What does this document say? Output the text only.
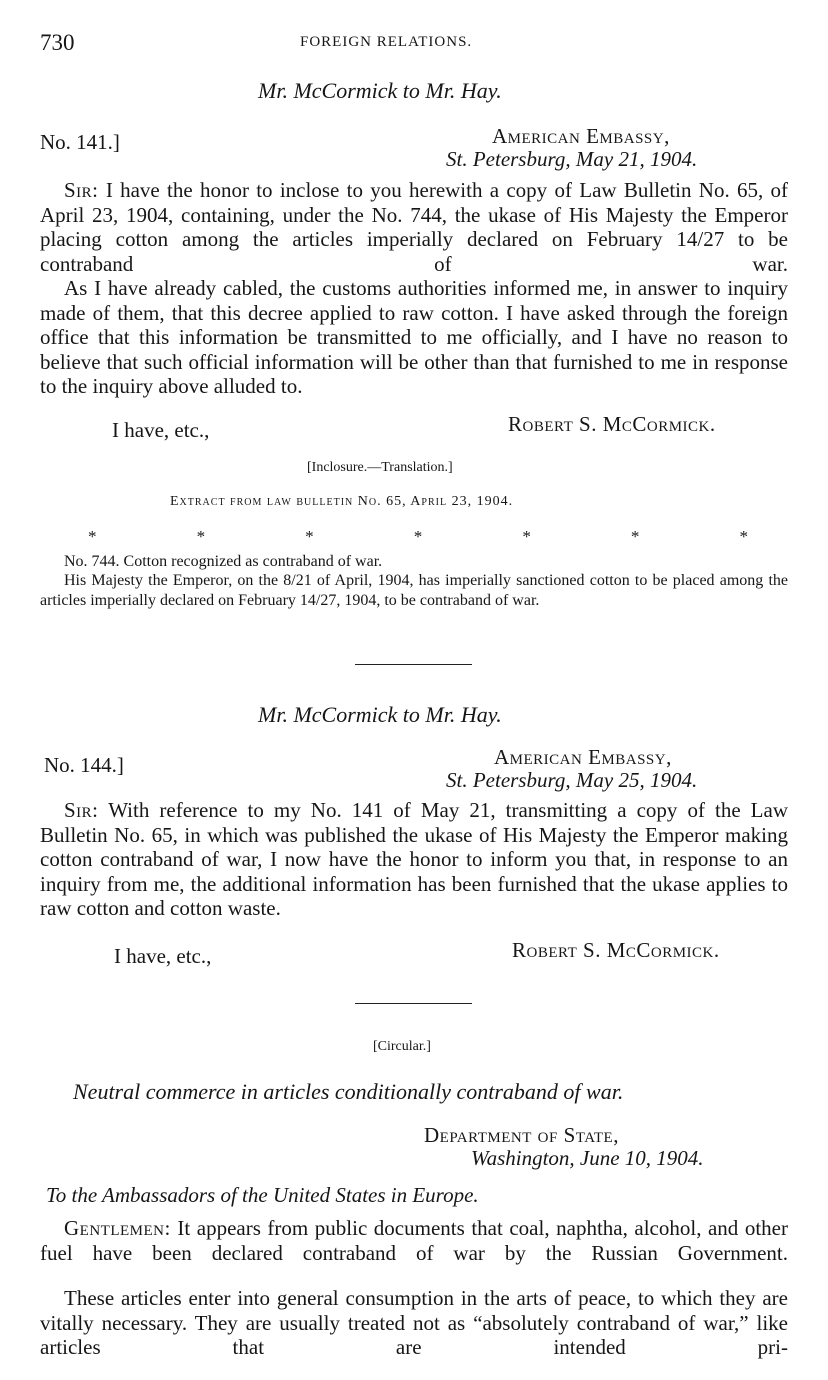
730	FOREIGN RELATIONS.
Mr. McCormick to Mr. Hay.
No. 141.]	American Embassy,
St. Petersburg, May 21, 1904.
Sir: I have the honor to inclose to you herewith a copy of Law Bulletin No. 65, of April 23, 1904, containing, under the No. 744, the ukase of His Majesty the Emperor placing cotton among the articles imperially declared on February 14/27 to be contraband of war.
As I have already cabled, the customs authorities informed me, in answer to inquiry made of them, that this decree applied to raw cotton. I have asked through the foreign office that this information be transmitted to me officially, and I have no reason to believe that such official information will be other than that furnished to me in response to the inquiry above alluded to.
I have, etc.,	Robert S. McCormick.
[Inclosure.—Translation.]
Extract from law bulletin No. 65, April 23, 1904.
*	*	*	*	*	*	*
No. 744. Cotton recognized as contraband of war.
His Majesty the Emperor, on the 8/21 of April, 1904, has imperially sanctioned cotton to be placed among the articles imperially declared on February 14/27, 1904, to be contraband of war.
Mr. McCormick to Mr. Hay.
No. 144.]	American Embassy,
St. Petersburg, May 25, 1904.
Sir: With reference to my No. 141 of May 21, transmitting a copy of the Law Bulletin No. 65, in which was published the ukase of His Majesty the Emperor making cotton contraband of war, I now have the honor to inform you that, in response to an inquiry from me, the additional information has been furnished that the ukase applies to raw cotton and cotton waste.
I have, etc.,	Robert S. McCormick.
[Circular.]
Neutral commerce in articles conditionally contraband of war.
Department of State,
Washington, June 10, 1904.
To the Ambassadors of the United States in Europe.
Gentlemen: It appears from public documents that coal, naphtha, alcohol, and other fuel have been declared contraband of war by the Russian Government.
These articles enter into general consumption in the arts of peace, to which they are vitally necessary. They are usually treated not as “absolutely contraband of war,” like articles that are intended pri-
